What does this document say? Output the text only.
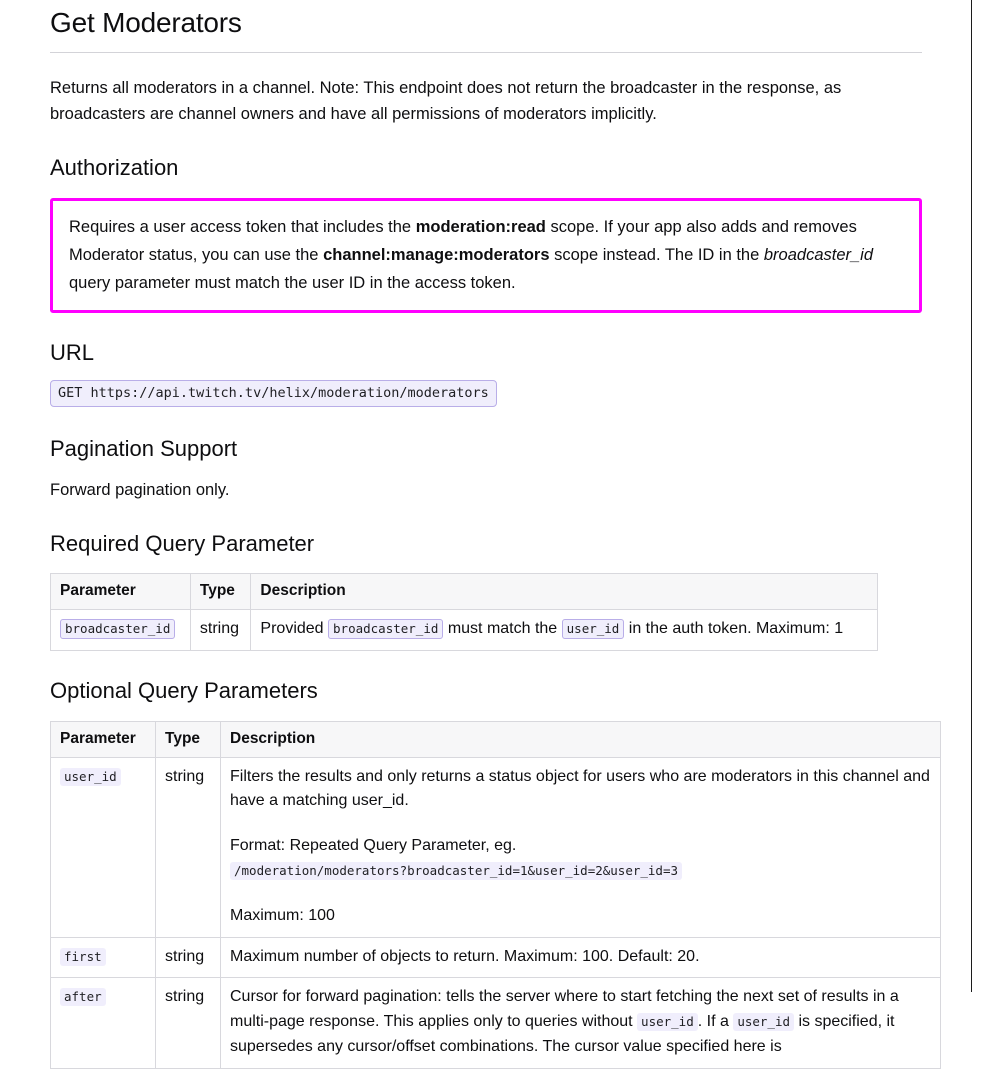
Get Moderators

Returns all moderators in a channel. Note: This endpoint does not return the broadcaster in the response, as broadcasters are channel owners and have all permissions of moderators implicitly.

Authorization

Requires a user access token that includes the moderation:read scope. If your app also adds and removes Moderator status, you can use the channel:manage:moderators scope instead. The ID in the broadcaster_id query parameter must match the user ID in the access token.

URL
GET https://api.twitch.tv/helix/moderation/moderators
Pagination Support

Forward pagination only.

Required Query Parameter
Parameter	Type	Description
broadcaster_id	string	Provided broadcaster_id must match the user_id in the auth token. Maximum: 1
Optional Query Parameters
Parameter	Type	Description
user_id	string	Filters the results and only returns a status object for users who are moderators in this channel and have a matching user_id.

Format: Repeated Query Parameter, eg. /moderation/moderators?broadcaster_id=1&user_id=2&user_id=3

Maximum: 100

first	string	Maximum number of objects to return. Maximum: 100. Default: 20.
after	string	Cursor for forward pagination: tells the server where to start fetching the next set of results in a multi-page response. This applies only to queries without user_id . If a user_id is specified, it supersedes any cursor/offset combinations. The cursor value specified here is
